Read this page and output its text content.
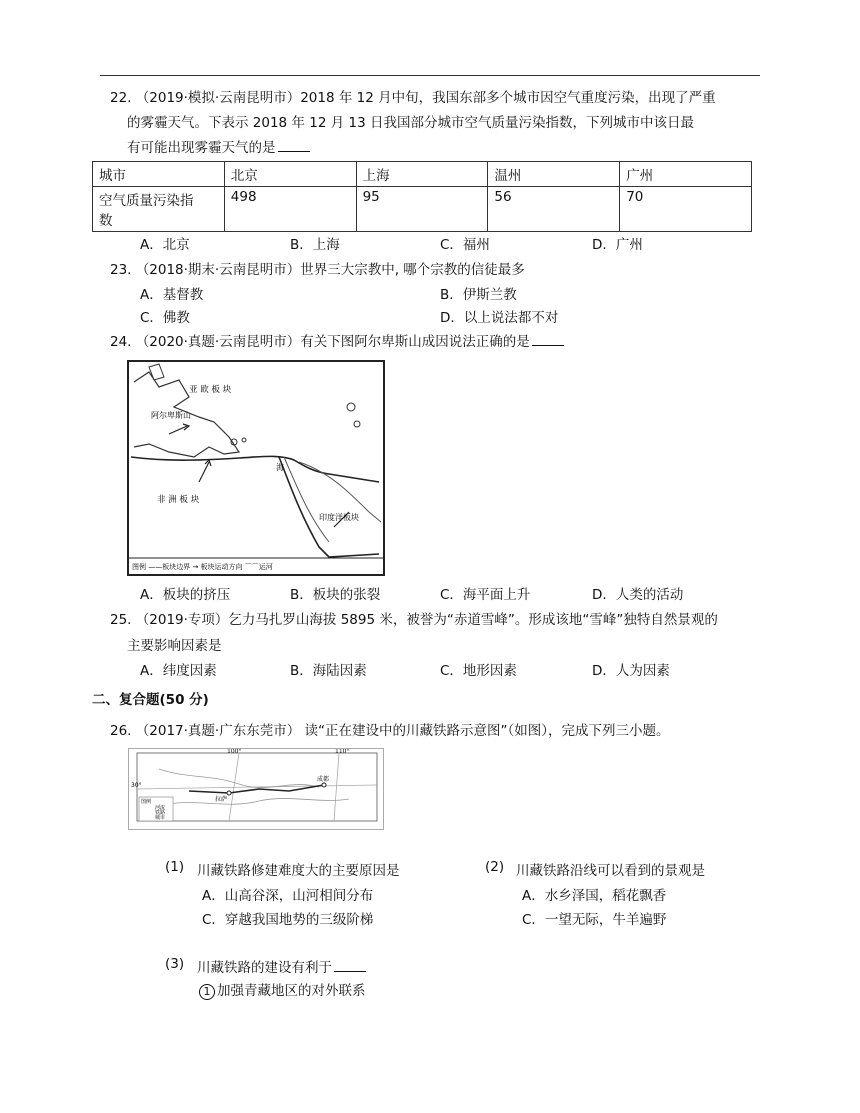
22. （2019·模拟·云南昆明市）2018 年 12 月中旬，我国东部多个城市因空气重度污染，出现了严重
的雾霾天气。下表示 2018 年 12 月 13 日我国部分城市空气质量污染指数，下列城市中该日最
有可能出现雾霾天气的是
城市	北京	上海	温州	广州
空气质量污染指
数	498	95	56	70
A．北京	B．上海	C．福州	D．广州
23. （2018·期末·云南昆明市）世界三大宗教中, 哪个宗教的信徒最多
A．基督教	B．伊斯兰教
C．佛教	D．以上说法都不对
24. （2020·真题·云南昆明市）有关下图阿尔卑斯山成因说法正确的是
亚 欧 板 块
阿尔卑斯山
海
非 洲 板 块
印度洋板块
图例 ——板块边界 → 板块运动方向 ⌒⌒运河
A．板块的挤压	B．板块的张裂	C．海平面上升	D．人类的活动
25. （2019·专项）乞力马扎罗山海拔 5895 米，被誉为“赤道雪峰”。形成该地“雪峰”独特自然景观的
主要影响因素是
A．纬度因素	B．海陆因素	C．地形因素	D．人为因素
二、复合题(50 分)
26. （2017·真题·广东东莞市） 读“正在建设中的川藏铁路示意图”（如图），完成下列三小题。
100°	110°
30°
拉萨
成都
图例
河流
铁路
城市
(1) 川藏铁路修建难度大的主要原因是
A．山高谷深，山河相间分布
C．穿越我国地势的三级阶梯
(2) 川藏铁路沿线可以看到的景观是
A．水乡泽国，稻花飘香
C．一望无际，牛羊遍野
(3) 川藏铁路的建设有利于
1 加强青藏地区的对外联系
